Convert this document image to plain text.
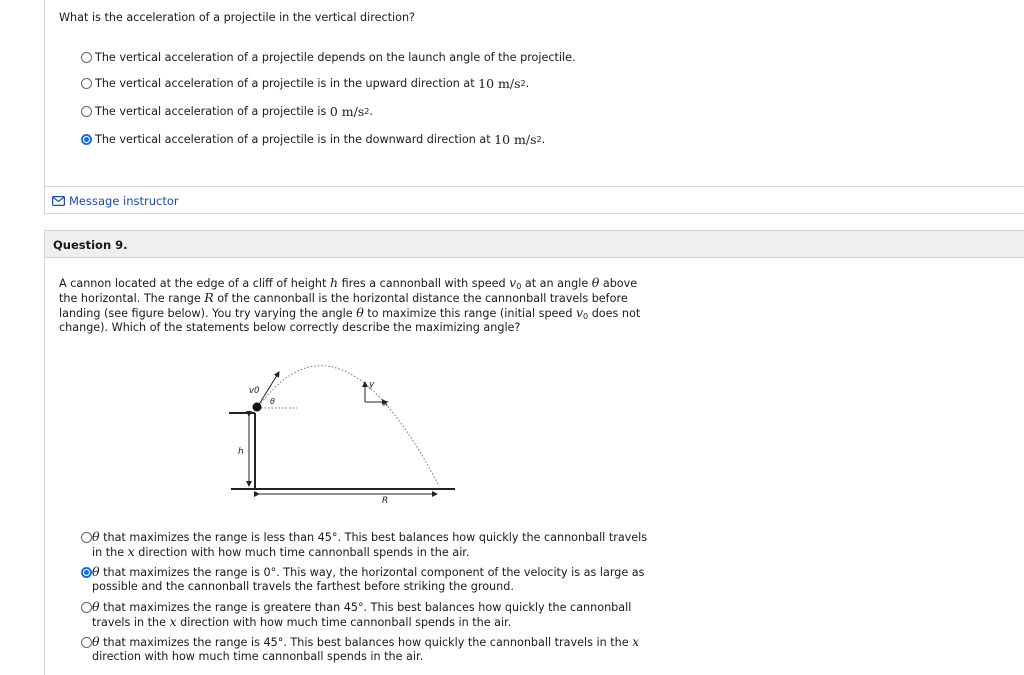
What is the acceleration of a projectile in the vertical direction?
The vertical acceleration of a projectile depends on the launch angle of the projectile.
The vertical acceleration of a projectile is in the upward direction at
10 m/s 2 .
The vertical acceleration of a projectile is
0 m/s 2 .
The vertical acceleration of a projectile is in the downward direction at
10 m/s 2 .
Message instructor
Question 9.
A cannon located at the edge of a cliff of height h fires a cannonball with speed $v_0$ at an angle θ above the horizontal. The range R of the cannonball is the horizontal distance the cannonball travels before landing (see figure below). You try varying the angle θ to maximize this range (initial speed $v_0$ does not change). Which of the statements below correctly describe the maximizing angle?
v0
θ
y
x
h
R
θ that maximizes the range is less than 45°. This best balances how quickly the cannonball travels in the x direction with how much time cannonball spends in the air.
θ that maximizes the range is 0°. This way, the horizontal component of the velocity is as large as possible and the cannonball travels the farthest before striking the ground.
θ that maximizes the range is greatere than 45°. This best balances how quickly the cannonball travels in the x direction with how much time cannonball spends in the air.
θ that maximizes the range is 45°. This best balances how quickly the cannonball travels in the x direction with how much time cannonball spends in the air.
